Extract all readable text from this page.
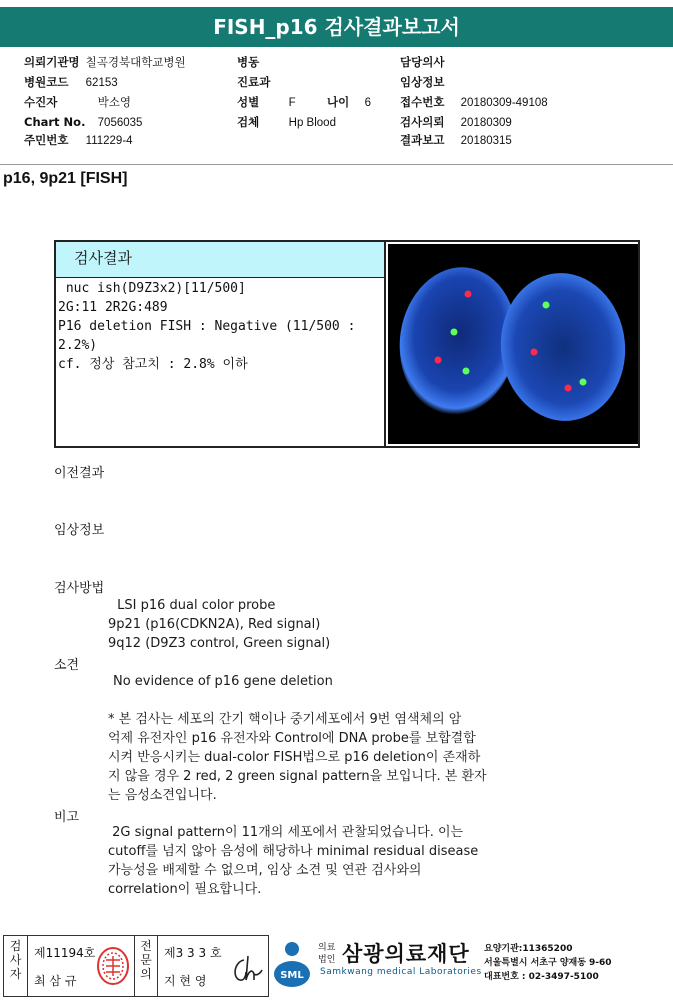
FISH_p16 검사결과보고서
의뢰기관명 칠곡경북대학교병원
병원코드 62153
수진자	박소영
Chart No. 7056035
주민번호 111229-4
병동
진료과
성별	F	나이 6
검체	Hp Blood
담당의사
임상정보
접수번호 20180309-49108
검사의뢰 20180309
결과보고 20180315
p16, 9p21 [FISH]
검사결과

nuc ish(D9Z3x2)[11/500]

2G:11 2R2G:489

P16 deletion FISH : Negative (11/500 :

2.2%)

cf. 정상 참고치 : 2.8% 이하

이전결과
임상정보
검사방법
LSI p16 dual color probe
9p21 (p16(CDKN2A), Red signal)
9q12 (D9Z3 control, Green signal)
소견
No evidence of p16 gene deletion
* 본 검사는 세포의 간기 핵이나 중기세포에서 9번 염색체의 암
억제 유전자인 p16 유전자와 Control에 DNA probe를 보합결합
시켜 반응시키는 dual-color FISH법으로 p16 deletion이 존재하
지 않을 경우 2 red, 2 green signal pattern을 보입니다. 본 환자
는 음성소견입니다.
비고
2G signal pattern이 11개의 세포에서 관찰되었습니다. 이는
cutoff를 넘지 않아 음성에 해당하나 minimal residual disease
가능성을 배제할 수 없으며, 임상 소견 및 연관 검사와의
correlation이 필요합니다.
검
사
자
제11194호
최 삼 규
전
문
의
제3 3 3 호
지 현 영	SML
의료
법인 삼광의료재단
Samkwang medical Laboratories
요양기관:11365200
서울특별시 서초구 양재동 9-60
대표번호 : 02-3497-5100
